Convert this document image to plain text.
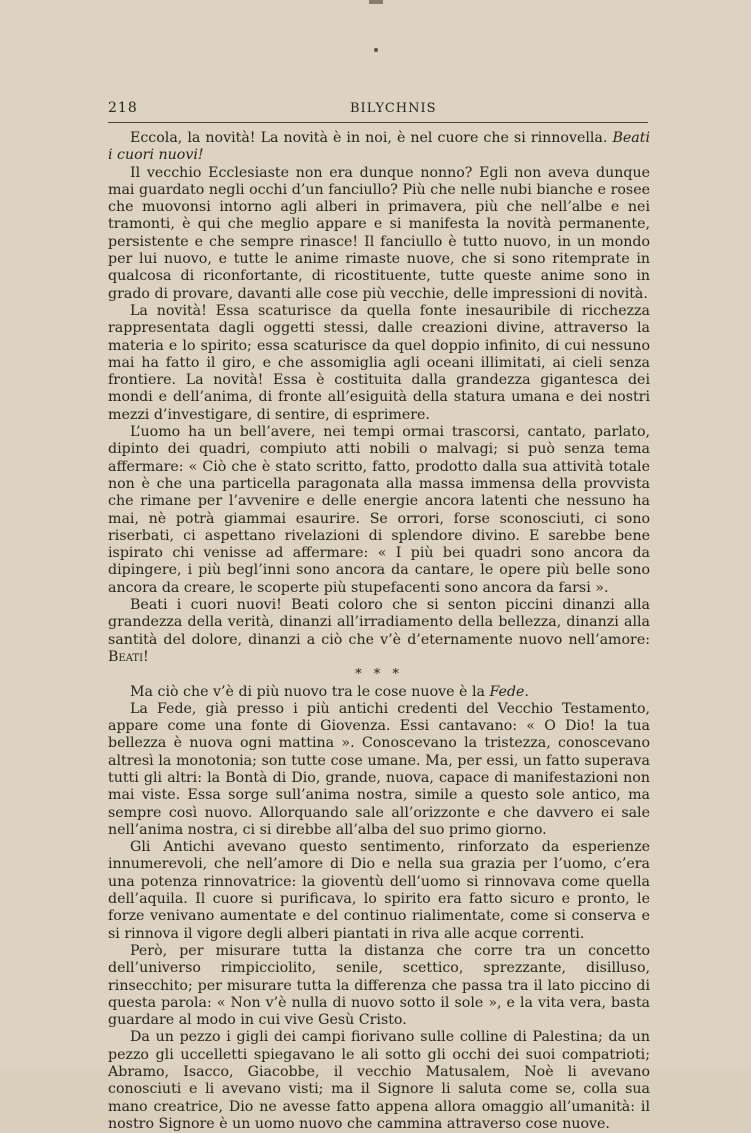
218	BILYCHNIS

Eccola, la novità! La novità è in noi, è nel cuore che si rinnovella. Beati i cuori nuovi!

Il vecchio Ecclesiaste non era dunque nonno? Egli non aveva dunque mai guardato negli occhi d’un fanciullo? Più che nelle nubi bianche e rosee che muovonsi intorno agli alberi in primavera, più che nell’albe e nei tramonti, è qui che meglio appare e si manifesta la novità permanente, persistente e che sempre rinasce! Il fanciullo è tutto nuovo, in un mondo per lui nuovo, e tutte le anime rimaste nuove, che si sono ritemprate in qualcosa di riconfortante, di ricostituente, tutte queste anime sono in grado di provare, davanti alle cose più vecchie, delle impressioni di novità.

La novità! Essa scaturisce da quella fonte inesauribile di ricchezza rappresentata dagli oggetti stessi, dalle creazioni divine, attraverso la materia e lo spirito; essa scaturisce da quel doppio infinito, di cui nessuno mai ha fatto il giro, e che assomiglia agli oceani illimitati, ai cieli senza frontiere. La novità! Essa è costituita dalla grandezza gigantesca dei mondi e dell’anima, di fronte all’esiguità della statura umana e dei nostri mezzi d’investigare, di sentire, di esprimere.

L’uomo ha un bell’avere, nei tempi ormai trascorsi, cantato, parlato, dipinto dei quadri, compiuto atti nobili o malvagi; si può senza tema affermare: « Ciò che è stato scritto, fatto, prodotto dalla sua attività totale non è che una particella paragonata alla massa immensa della provvista che rimane per l’avvenire e delle energie ancora latenti che nessuno ha mai, nè potrà giammai esaurire. Se orrori, forse sconosciuti, ci sono riserbati, ci aspettano rivelazioni di splendore divino. E sarebbe bene ispirato chi venisse ad affermare: « I più bei quadri sono ancora da dipingere, i più begl’inni sono ancora da cantare, le opere più belle sono ancora da creare, le scoperte più stupefacenti sono ancora da farsi ».

Beati i cuori nuovi! Beati coloro che si senton piccini dinanzi alla grandezza della verità, dinanzi all’irradiamento della bellezza, dinanzi alla santità del dolore, dinanzi a ciò che v’è d’eternamente nuovo nell’amore: Beati!

* * *

Ma ciò che v’è di più nuovo tra le cose nuove è la Fede.

La Fede, già presso i più antichi credenti del Vecchio Testamento, appare come una fonte di Giovenza. Essi cantavano: « O Dio! la tua bellezza è nuova ogni mattina ». Conoscevano la tristezza, conoscevano altresì la monotonia; son tutte cose umane. Ma, per essi, un fatto superava tutti gli altri: la Bontà di Dio, grande, nuova, capace di manifestazioni non mai viste. Essa sorge sull’anima nostra, simile a questo sole antico, ma sempre così nuovo. Allorquando sale all’orizzonte e che davvero ei sale nell’anima nostra, ci si direbbe all’alba del suo primo giorno.

Gli Antichi avevano questo sentimento, rinforzato da esperienze innumerevoli, che nell’amore di Dio e nella sua grazia per l’uomo, c’era una potenza rinnovatrice: la gioventù dell’uomo si rinnovava come quella dell’aquila. Il cuore si purificava, lo spirito era fatto sicuro e pronto, le forze venivano aumentate e del continuo rialimentate, come si conserva e si rinnova il vigore degli alberi piantati in riva alle acque correnti.

Però, per misurare tutta la distanza che corre tra un concetto dell’universo rimpicciolito, senile, scettico, sprezzante, disilluso, rinsecchito; per misurare tutta la differenza che passa tra il lato piccino di questa parola: « Non v’è nulla di nuovo sotto il sole », e la vita vera, basta guardare al modo in cui vive Gesù Cristo.

Da un pezzo i gigli dei campi fiorivano sulle colline di Palestina; da un pezzo gli uccelletti spiegavano le ali sotto gli occhi dei suoi compatrioti; Abramo, Isacco, Giacobbe, il vecchio Matusalem, Noè li avevano conosciuti e li avevano visti; ma il Signore li saluta come se, colla sua mano creatrice, Dio ne avesse fatto appena allora omaggio all’umanità: il nostro Signore è un uomo nuovo che cammina attraverso cose nuove.
